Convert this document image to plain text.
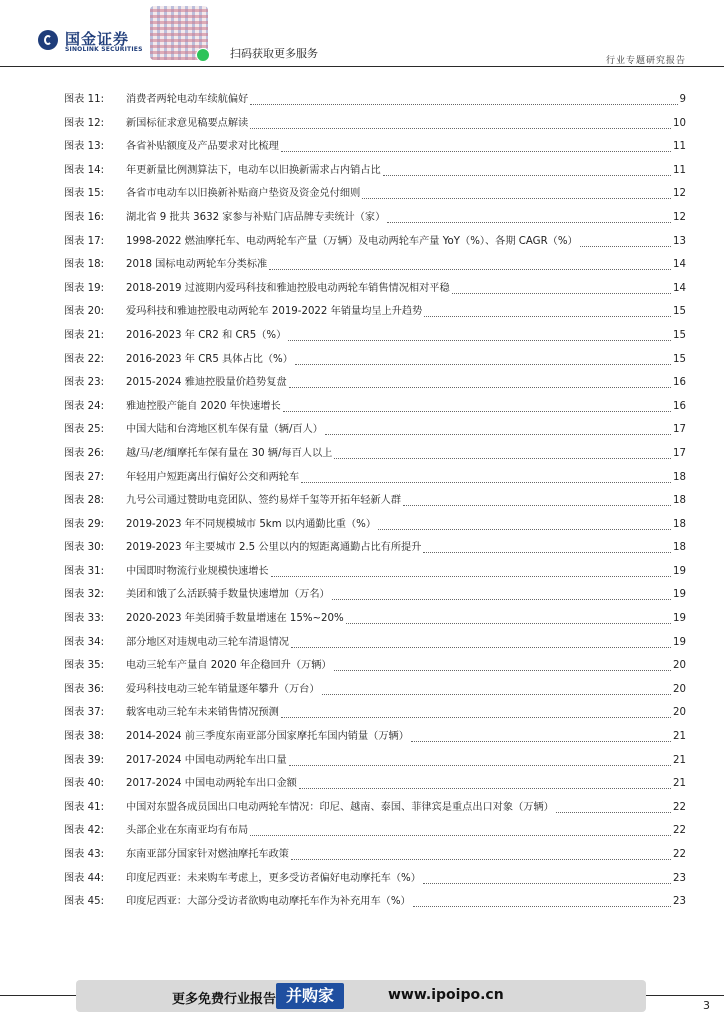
国金证券
SINOLINK SECURITIES	扫码获取更多服务
行业专题研究报告
图表 11:	消费者两轮电动车续航偏好	9
图表 12:	新国标征求意见稿要点解读	10
图表 13:	各省补贴额度及产品要求对比梳理	11
图表 14:	年更新量比例测算法下，电动车以旧换新需求占内销占比	11
图表 15:	各省市电动车以旧换新补贴商户垫资及资金兑付细则	12
图表 16:	湖北省 9 批共 3632 家参与补贴门店品牌专卖统计（家）	12
图表 17:	1998-2022 燃油摩托车、电动两轮车产量（万辆）及电动两轮车产量 YoY（%）、各期 CAGR（%）	13
图表 18:	2018 国标电动两轮车分类标准	14
图表 19:	2018-2019 过渡期内爱玛科技和雅迪控股电动两轮车销售情况相对平稳	14
图表 20:	爱玛科技和雅迪控股电动两轮车 2019-2022 年销量均呈上升趋势	15
图表 21:	2016-2023 年 CR2 和 CR5（%）	15
图表 22:	2016-2023 年 CR5 具体占比（%）	15
图表 23:	2015-2024 雅迪控股量价趋势复盘	16
图表 24:	雅迪控股产能自 2020 年快速增长	16
图表 25:	中国大陆和台湾地区机车保有量（辆/百人）	17
图表 26:	越/马/老/缅摩托车保有量在 30 辆/每百人以上	17
图表 27:	年轻用户短距离出行偏好公交和两轮车	18
图表 28:	九号公司通过赞助电竞团队、签约易烊千玺等开拓年轻新人群	18
图表 29:	2019-2023 年不同规模城市 5km 以内通勤比重（%）	18
图表 30:	2019-2023 年主要城市 2.5 公里以内的短距离通勤占比有所提升	18
图表 31:	中国即时物流行业规模快速增长	19
图表 32:	美团和饿了么活跃骑手数量快速增加（万名）	19
图表 33:	2020-2023 年美团骑手数量增速在 15%~20%	19
图表 34:	部分地区对违规电动三轮车清退情况	19
图表 35:	电动三轮车产量自 2020 年企稳回升（万辆）	20
图表 36:	爱玛科技电动三轮车销量逐年攀升（万台）	20
图表 37:	载客电动三轮车未来销售情况预测	20
图表 38:	2014-2024 前三季度东南亚部分国家摩托车国内销量（万辆）	21
图表 39:	2017-2024 中国电动两轮车出口量	21
图表 40:	2017-2024 中国电动两轮车出口金额	21
图表 41:	中国对东盟各成员国出口电动两轮车情况：印尼、越南、泰国、菲律宾是重点出口对象（万辆）	22
图表 42:	头部企业在东南亚均有布局	22
图表 43:	东南亚部分国家针对燃油摩托车政策	22
图表 44:	印度尼西亚：未来购车考虑上，更多受访者偏好电动摩托车（%）	23
图表 45:	印度尼西亚：大部分受访者欲购电动摩托车作为补充用车（%）	23
更多免费行业报告 并购家	www.ipoipo.cn
3
